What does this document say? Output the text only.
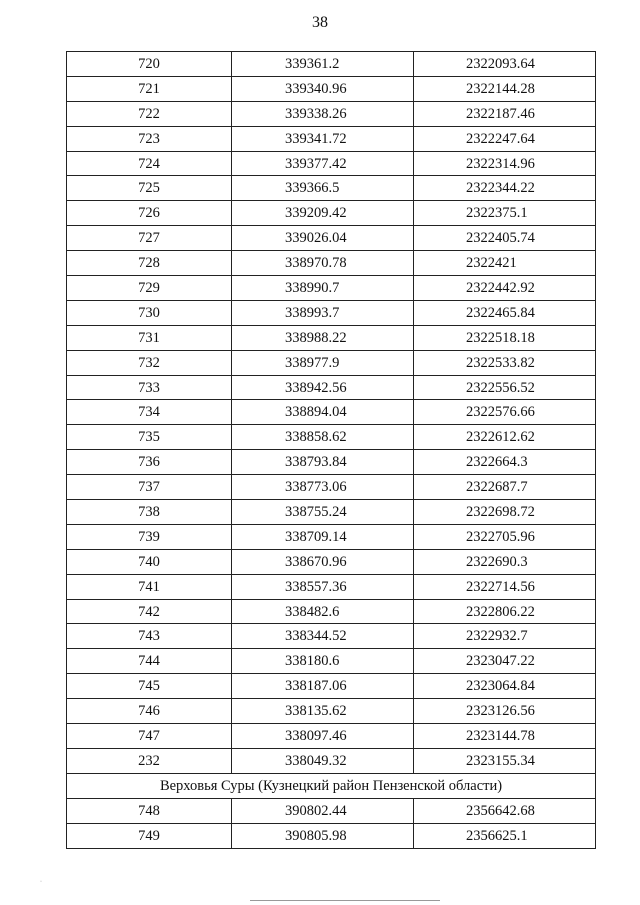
38
720	339361.2	2322093.64
721	339340.96	2322144.28
722	339338.26	2322187.46
723	339341.72	2322247.64
724	339377.42	2322314.96
725	339366.5	2322344.22
726	339209.42	2322375.1
727	339026.04	2322405.74
728	338970.78	2322421
729	338990.7	2322442.92
730	338993.7	2322465.84
731	338988.22	2322518.18
732	338977.9	2322533.82
733	338942.56	2322556.52
734	338894.04	2322576.66
735	338858.62	2322612.62
736	338793.84	2322664.3
737	338773.06	2322687.7
738	338755.24	2322698.72
739	338709.14	2322705.96
740	338670.96	2322690.3
741	338557.36	2322714.56
742	338482.6	2322806.22
743	338344.52	2322932.7
744	338180.6	2323047.22
745	338187.06	2323064.84
746	338135.62	2323126.56
747	338097.46	2323144.78
232	338049.32	2323155.34
Верховья Суры (Кузнецкий район Пензенской области)		
748	390802.44	2356642.68
749	390805.98	2356625.1
·
